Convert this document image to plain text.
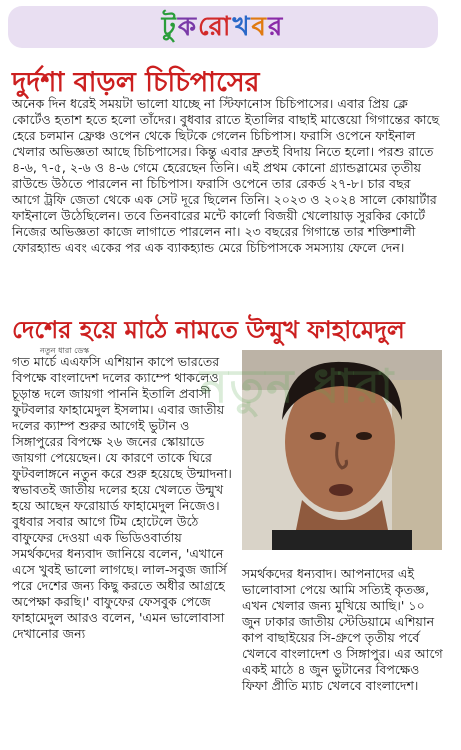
টুকরোখবর
দুর্দশা বাড়ল চিচিপাসের
অনেক দিন ধরেই সময়টা ভালো যাচ্ছে না স্টিফানোস চিচিপাসের। এবার প্রিয় ক্লে কোর্টেও হতাশ হতে হলো তাঁদের। বুধবার রাতে ইতালির বাছাই মাত্তেয়ো গিগান্তের কাছে হেরে চলমান ফ্রেঞ্চ ওপেন থেকে ছিটকে গেলেন চিচিপাস। ফরাসি ওপেনে ফাইনাল খেলার অভিজ্ঞতা আছে চিচিপাসের। কিন্তু এবার দ্রুতই বিদায় নিতে হলো। পরশু রাতে ৪-৬, ৭-৫, ২-৬ ও ৪-৬ গেমে হেরেছেন তিনি। এই প্রথম কোনো গ্র্যান্ডস্লামের তৃতীয় রাউন্ডে উঠতে পারলেন না চিচিপাস। ফরাসি ওপেনে তার রেকর্ড ২৭-৮। চার বছর আগে ট্রফি জেতা থেকে এক সেট দূরে ছিলেন তিনি। ২০২৩ ও ২০২৪ সালে কোয়ার্টার ফাইনালে উঠেছিলেন। তবে তিনবারের মন্টে কার্লো বিজয়ী খেলোয়াড় সুরকির কোর্টে নিজের অভিজ্ঞতা কাজে লাগাতে পারলেন না। ২৩ বছরের গিগান্তে তার শক্তিশালী ফোরহ্যান্ড এবং একের পর এক ব্যাকহ্যান্ড মেরে চিচিপাসকে সমস্যায় ফেলে দেন।
দেশের হয়ে মাঠে নামতে উন্মুখ ফাহামেদুল
নতুন ধারা ডেস্ক
গত মার্চে এএফসি এশিয়ান কাপে ভারতের বিপক্ষে বাংলাদেশ দলের ক্যাম্পে থাকলেও চূড়ান্ত দলে জায়গা পাননি ইতালি প্রবাসী ফুটবলার ফাহামেদুল ইসলাম। এবার জাতীয় দলের ক্যাম্প শুরুর আগেই ভুটান ও সিঙ্গাপুরের বিপক্ষে ২৬ জনের স্কোয়াডে জায়গা পেয়েছেন। যে কারণে তাকে ঘিরে ফুটবলাঙ্গনে নতুন করে শুরু হয়েছে উন্মাদনা। স্বভাবতই জাতীয় দলের হয়ে খেলতে উন্মুখ হয়ে আছেন ফরোয়ার্ড ফাহামেদুল নিজেও। বুধবার সবার আগে টিম হোটেলে উঠে বাফুফের দেওয়া এক ভিডিওবার্তায় সমর্থকদের ধন্যবাদ জানিয়ে বলেন, 'এখানে এসে খুবই ভালো লাগছে। লাল-সবুজ জার্সি পরে দেশের জন্য কিছু করতে অধীর আগ্রহে অপেক্ষা করছি।' বাফুফের ফেসবুক পেজে ফাহামেদুল আরও বলেন, 'এমন ভালোবাসা দেখানোর জন্য
নতুন ধারা
সমর্থকদের ধন্যবাদ। আপনাদের এই ভালোবাসা পেয়ে আমি সত্যিই কৃতজ্ঞ, এখন খেলার জন্য মুখিয়ে আছি।' ১০ জুন ঢাকার জাতীয় স্টেডিয়ামে এশিয়ান কাপ বাছাইয়ের সি-গ্রুপে তৃতীয় পর্বে খেলবে বাংলাদেশ ও সিঙ্গাপুর। এর আগে একই মাঠে ৪ জুন ভুটানের বিপক্ষেও ফিফা প্রীতি ম্যাচ খেলবে বাংলাদেশ।
